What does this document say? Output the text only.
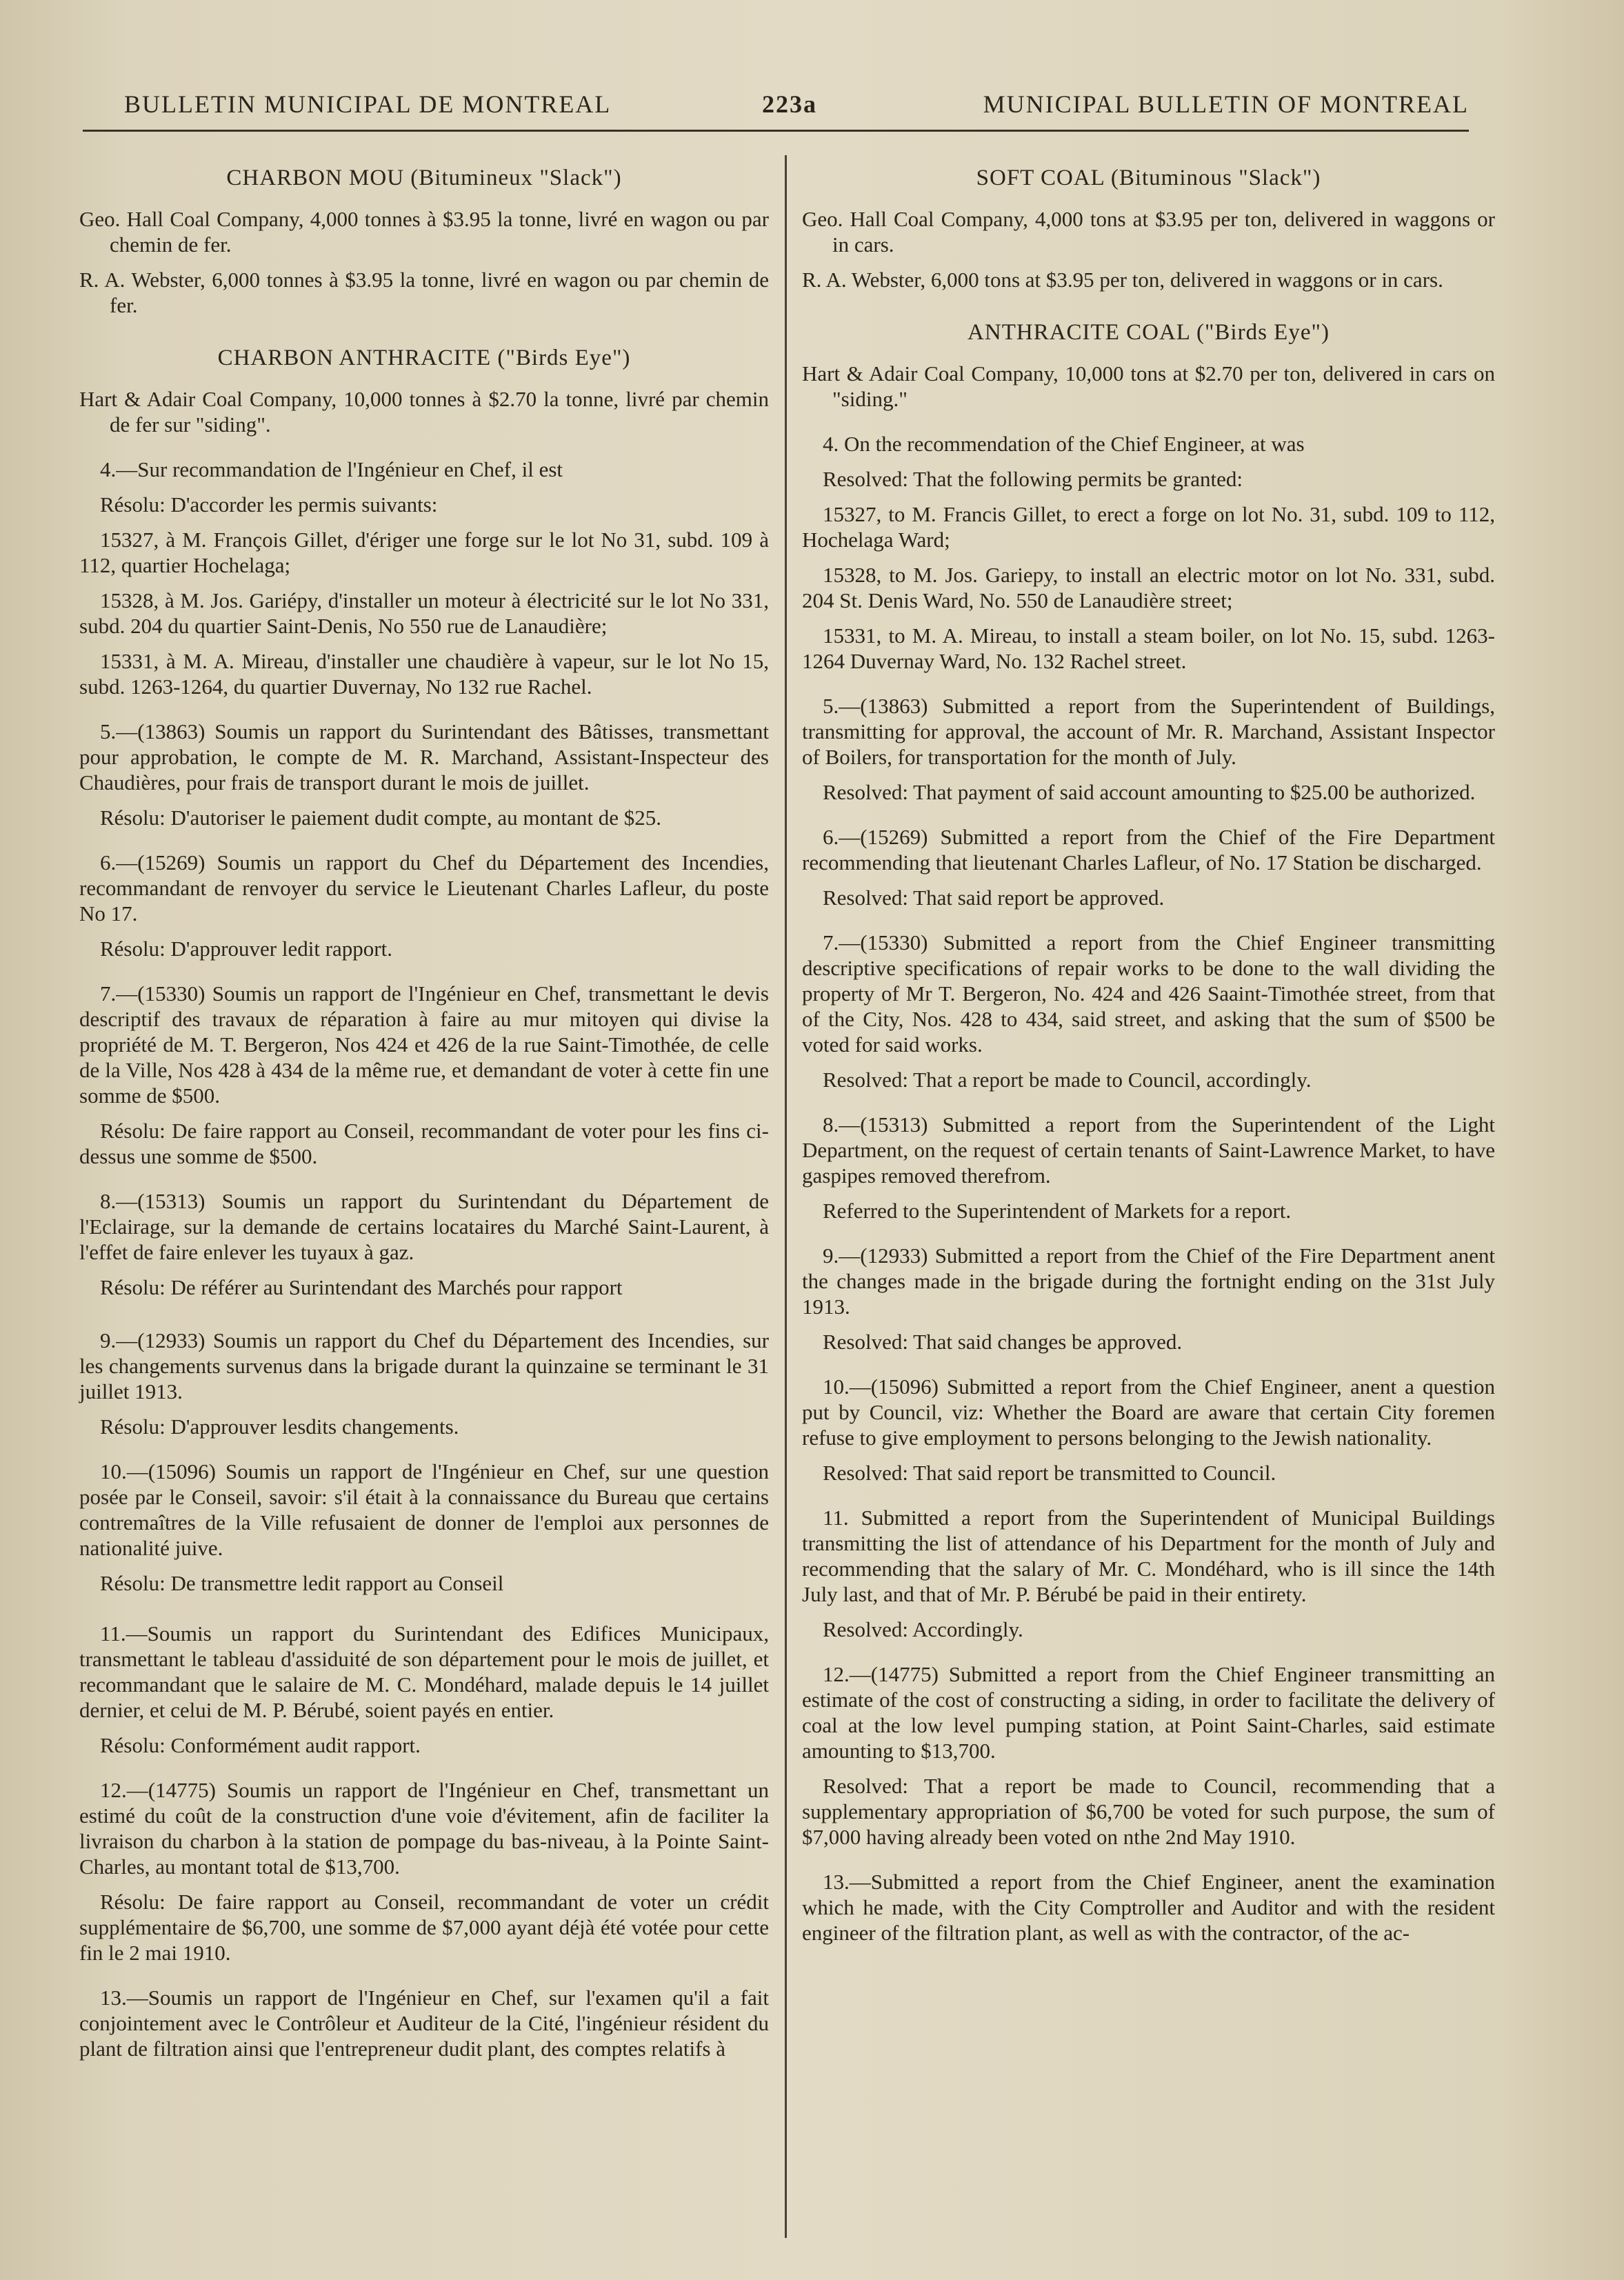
BULLETIN MUNICIPAL DE MONTREAL	223a	MUNICIPAL BULLETIN OF MONTREAL
CHARBON MOU (Bitumineux "Slack")

Geo. Hall Coal Company, 4,000 tonnes à $3.95 la tonne, livré en wagon ou par chemin de fer.

R. A. Webster, 6,000 tonnes à $3.95 la tonne, livré en wagon ou par chemin de fer.

CHARBON ANTHRACITE ("Birds Eye")

Hart & Adair Coal Company, 10,000 tonnes à $2.70 la tonne, livré par chemin de fer sur "siding".

4.—Sur recommandation de l'Ingénieur en Chef, il est

Résolu: D'accorder les permis suivants:

15327, à M. François Gillet, d'ériger une forge sur le lot No 31, subd. 109 à 112, quartier Hochelaga;

15328, à M. Jos. Gariépy, d'installer un moteur à électricité sur le lot No 331, subd. 204 du quartier Saint-Denis, No 550 rue de Lanaudière;

15331, à M. A. Mireau, d'installer une chaudière à vapeur, sur le lot No 15, subd. 1263-1264, du quartier Duvernay, No 132 rue Rachel.

5.—(13863) Soumis un rapport du Surintendant des Bâtisses, transmettant pour approbation, le compte de M. R. Marchand, Assistant-Inspecteur des Chaudières, pour frais de transport durant le mois de juillet.

Résolu: D'autoriser le paiement dudit compte, au montant de $25.

6.—(15269) Soumis un rapport du Chef du Département des Incendies, recommandant de renvoyer du service le Lieutenant Charles Lafleur, du poste No 17.

Résolu: D'approuver ledit rapport.

7.—(15330) Soumis un rapport de l'Ingénieur en Chef, transmettant le devis descriptif des travaux de réparation à faire au mur mitoyen qui divise la propriété de M. T. Bergeron, Nos 424 et 426 de la rue Saint-Timothée, de celle de la Ville, Nos 428 à 434 de la même rue, et demandant de voter à cette fin une somme de $500.

Résolu: De faire rapport au Conseil, recommandant de voter pour les fins ci-dessus une somme de $500.

8.—(15313) Soumis un rapport du Surintendant du Département de l'Eclairage, sur la demande de certains locataires du Marché Saint-Laurent, à l'effet de faire enlever les tuyaux à gaz.

Résolu: De référer au Surintendant des Marchés pour rapport

9.—(12933) Soumis un rapport du Chef du Département des Incendies, sur les changements survenus dans la brigade durant la quinzaine se terminant le 31 juillet 1913.

Résolu: D'approuver lesdits changements.

10.—(15096) Soumis un rapport de l'Ingénieur en Chef, sur une question posée par le Conseil, savoir: s'il était à la connaissance du Bureau que certains contremaîtres de la Ville refusaient de donner de l'emploi aux personnes de nationalité juive.

Résolu: De transmettre ledit rapport au Conseil

11.—Soumis un rapport du Surintendant des Edifices Municipaux, transmettant le tableau d'assiduité de son département pour le mois de juillet, et recommandant que le salaire de M. C. Mondéhard, malade depuis le 14 juillet dernier, et celui de M. P. Bérubé, soient payés en entier.

Résolu: Conformément audit rapport.

12.—(14775) Soumis un rapport de l'Ingénieur en Chef, transmettant un estimé du coût de la construction d'une voie d'évitement, afin de faciliter la livraison du charbon à la station de pompage du bas-niveau, à la Pointe Saint-Charles, au montant total de $13,700.

Résolu: De faire rapport au Conseil, recommandant de voter un crédit supplémentaire de $6,700, une somme de $7,000 ayant déjà été votée pour cette fin le 2 mai 1910.

13.—Soumis un rapport de l'Ingénieur en Chef, sur l'examen qu'il a fait conjointement avec le Contrôleur et Auditeur de la Cité, l'ingénieur résident du plant de filtration ainsi que l'entrepreneur dudit plant, des comptes relatifs à

SOFT COAL (Bituminous "Slack")

Geo. Hall Coal Company, 4,000 tons at $3.95 per ton, delivered in waggons or in cars.

R. A. Webster, 6,000 tons at $3.95 per ton, delivered in waggons or in cars.

ANTHRACITE COAL ("Birds Eye")

Hart & Adair Coal Company, 10,000 tons at $2.70 per ton, delivered in cars on "siding."

4. On the recommendation of the Chief Engineer, at was

Resolved: That the following permits be granted:

15327, to M. Francis Gillet, to erect a forge on lot No. 31, subd. 109 to 112, Hochelaga Ward;

15328, to M. Jos. Gariepy, to install an electric motor on lot No. 331, subd. 204 St. Denis Ward, No. 550 de Lanaudière street;

15331, to M. A. Mireau, to install a steam boiler, on lot No. 15, subd. 1263-1264 Duvernay Ward, No. 132 Rachel street.

5.—(13863) Submitted a report from the Superintendent of Buildings, transmitting for approval, the account of Mr. R. Marchand, Assistant Inspector of Boilers, for transportation for the month of July.

Resolved: That payment of said account amounting to $25.00 be authorized.

6.—(15269) Submitted a report from the Chief of the Fire Department recommending that lieutenant Charles Lafleur, of No. 17 Station be discharged.

Resolved: That said report be approved.

7.—(15330) Submitted a report from the Chief Engineer transmitting descriptive specifications of repair works to be done to the wall dividing the property of Mr T. Bergeron, No. 424 and 426 Saaint-Timothée street, from that of the City, Nos. 428 to 434, said street, and asking that the sum of $500 be voted for said works.

Resolved: That a report be made to Council, accordingly.

8.—(15313) Submitted a report from the Superintendent of the Light Department, on the request of certain tenants of Saint-Lawrence Market, to have gaspipes removed therefrom.

Referred to the Superintendent of Markets for a report.

9.—(12933) Submitted a report from the Chief of the Fire Department anent the changes made in the brigade during the fortnight ending on the 31st July 1913.

Resolved: That said changes be approved.

10.—(15096) Submitted a report from the Chief Engineer, anent a question put by Council, viz: Whether the Board are aware that certain City foremen refuse to give employment to persons belonging to the Jewish nationality.

Resolved: That said report be transmitted to Council.

11. Submitted a report from the Superintendent of Municipal Buildings transmitting the list of attendance of his Department for the month of July and recommending that the salary of Mr. C. Mondéhard, who is ill since the 14th July last, and that of Mr. P. Bérubé be paid in their entirety.

Resolved: Accordingly.

12.—(14775) Submitted a report from the Chief Engineer transmitting an estimate of the cost of constructing a siding, in order to facilitate the delivery of coal at the low level pumping station, at Point Saint-Charles, said estimate amounting to $13,700.

Resolved: That a report be made to Council, recommending that a supplementary appropriation of $6,700 be voted for such purpose, the sum of $7,000 having already been voted on nthe 2nd May 1910.

13.—Submitted a report from the Chief Engineer, anent the examination which he made, with the City Comptroller and Auditor and with the resident engineer of the filtration plant, as well as with the contractor, of the ac-
